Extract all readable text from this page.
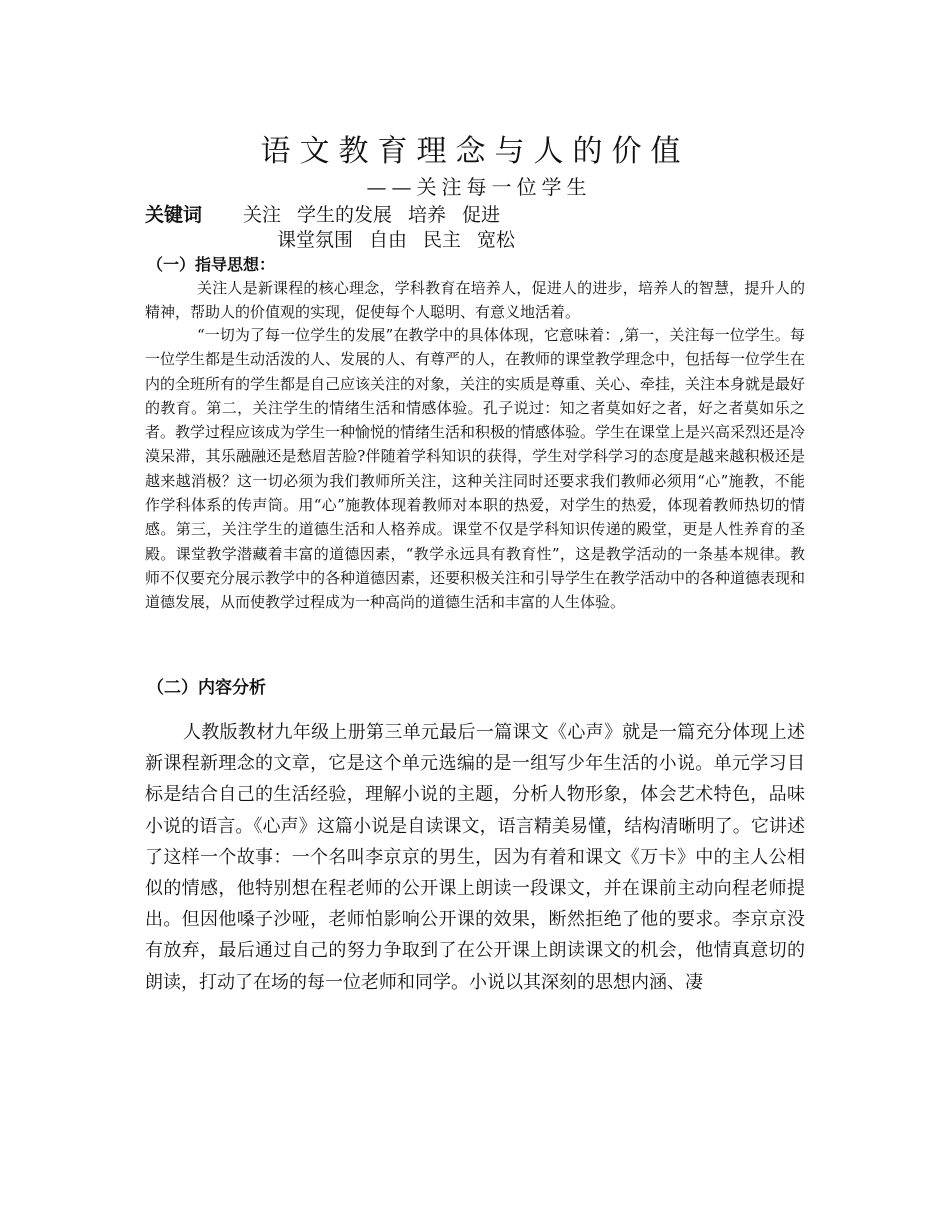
语文教育理念与人的价值
——关注每一位学生
关键词 关注 学生的发展 培养 促进
课堂氛围 自由 民主 宽松
（一）指导思想：
关注人是新课程的核心理念，学科教育在培养人，促进人的进步，培养人的智慧，提升人的精神，帮助人的价值观的实现，促使每个人聪明、有意义地活着。
“一切为了每一位学生的发展”在教学中的具体体现，它意味着：,第一，关注每一位学生。每一位学生都是生动活泼的人、发展的人、有尊严的人，在教师的课堂教学理念中，包括每一位学生在内的全班所有的学生都是自己应该关注的对象，关注的实质是尊重、关心、牵挂，关注本身就是最好的教育。第二，关注学生的情绪生活和情感体验。孔子说过：知之者莫如好之者，好之者莫如乐之者。教学过程应该成为学生一种愉悦的情绪生活和积极的情感体验。学生在课堂上是兴高采烈还是冷漠呆滞，其乐融融还是愁眉苦脸?伴随着学科知识的获得，学生对学科学习的态度是越来越积极还是越来越消极？这一切必须为我们教师所关注，这种关注同时还要求我们教师必须用“心”施教，不能作学科体系的传声筒。用“心”施教体现着教师对本职的热爱，对学生的热爱，体现着教师热切的情感。第三，关注学生的道德生活和人格养成。课堂不仅是学科知识传递的殿堂，更是人性养育的圣殿。课堂教学潜藏着丰富的道德因素，“教学永远具有教育性”，这是教学活动的一条基本规律。教师不仅要充分展示教学中的各种道德因素，还要积极关注和引导学生在教学活动中的各种道德表现和道德发展，从而使教学过程成为一种高尚的道德生活和丰富的人生体验。
（二）内容分析
人教版教材九年级上册第三单元最后一篇课文《心声》就是一篇充分体现上述新课程新理念的文章，它是这个单元选编的是一组写少年生活的小说。单元学习目标是结合自己的生活经验，理解小说的主题，分析人物形象，体会艺术特色，品味小说的语言。《心声》这篇小说是自读课文，语言精美易懂，结构清晰明了。它讲述了这样一个故事：一个名叫李京京的男生，因为有着和课文《万卡》中的主人公相似的情感，他特别想在程老师的公开课上朗读一段课文，并在课前主动向程老师提出。但因他嗓子沙哑，老师怕影响公开课的效果，断然拒绝了他的要求。李京京没有放弃，最后通过自己的努力争取到了在公开课上朗读课文的机会，他情真意切的朗读，打动了在场的每一位老师和同学。小说以其深刻的思想内涵、凄
